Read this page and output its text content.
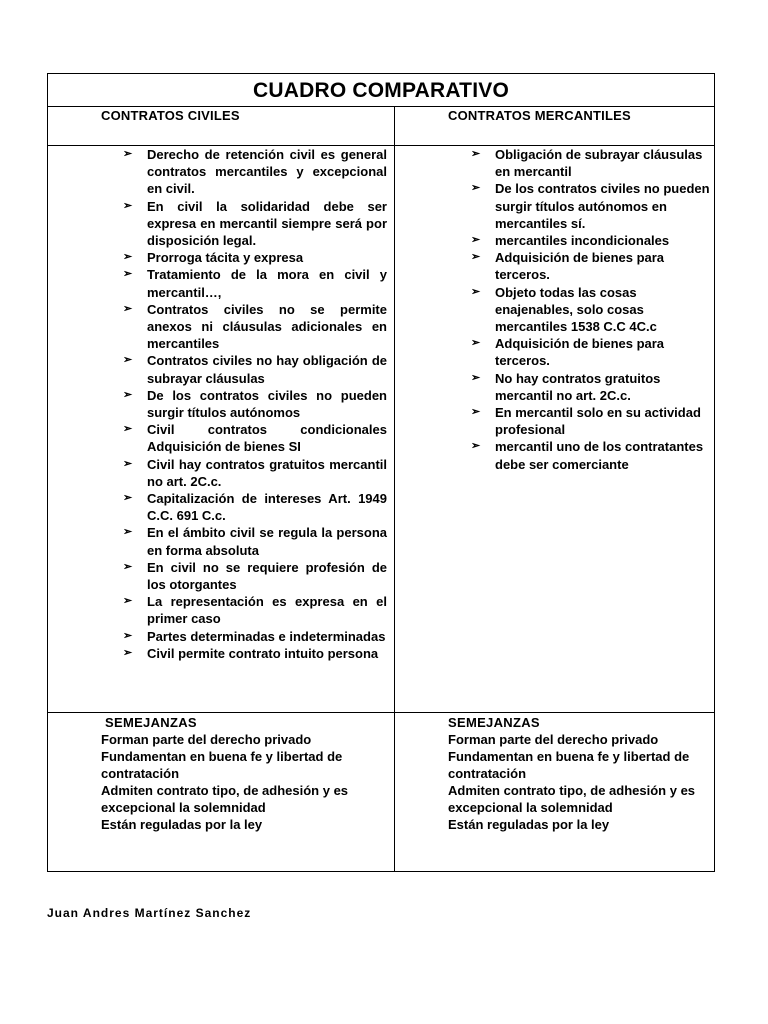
CUADRO COMPARATIVO
CONTRATOS CIVILES	CONTRATOS MERCANTILES
➢ Derecho de retención civil es general contratos mercantiles y excepcional en civil.
➢ En civil la solidaridad debe ser expresa en mercantil siempre será por disposición legal.
➢ Prorroga tácita y expresa
➢ Tratamiento de la mora en civil y mercantil…,
➢ Contratos civiles no se permite anexos ni cláusulas adicionales en mercantiles
➢ Contratos civiles no hay obligación de subrayar cláusulas
➢ De los contratos civiles no pueden surgir títulos autónomos
➢ Civil contratos condicionales Adquisición de bienes SI
➢ Civil hay contratos gratuitos mercantil no art. 2C.c.
➢ Capitalización de intereses Art. 1949 C.C. 691 C.c.
➢ En el ámbito civil se regula la persona en forma absoluta
➢ En civil no se requiere profesión de los otorgantes
➢ La representación es expresa en el primer caso
➢ Partes determinadas e indeterminadas
➢ Civil permite contrato intuito persona
➢ Obligación de subrayar cláusulas en mercantil
➢ De los contratos civiles no pueden surgir títulos autónomos en mercantiles sí.
➢ mercantiles incondicionales
➢ Adquisición de bienes para terceros.
➢ Objeto todas las cosas enajenables, solo cosas mercantiles 1538 C.C 4C.c
➢ Adquisición de bienes para terceros.
➢ No hay contratos gratuitos mercantil no art. 2C.c.
➢ En mercantil solo en su actividad profesional
➢ mercantil uno de los contratantes debe ser comerciante
SEMEJANZAS
Forman parte del derecho privado
Fundamentan en buena fe y libertad de contratación
Admiten contrato tipo, de adhesión y es excepcional la solemnidad
Están reguladas por la ley
SEMEJANZAS
Forman parte del derecho privado
Fundamentan en buena fe y libertad de contratación
Admiten contrato tipo, de adhesión y es excepcional la solemnidad
Están reguladas por la ley
Juan Andres Martínez Sanchez
